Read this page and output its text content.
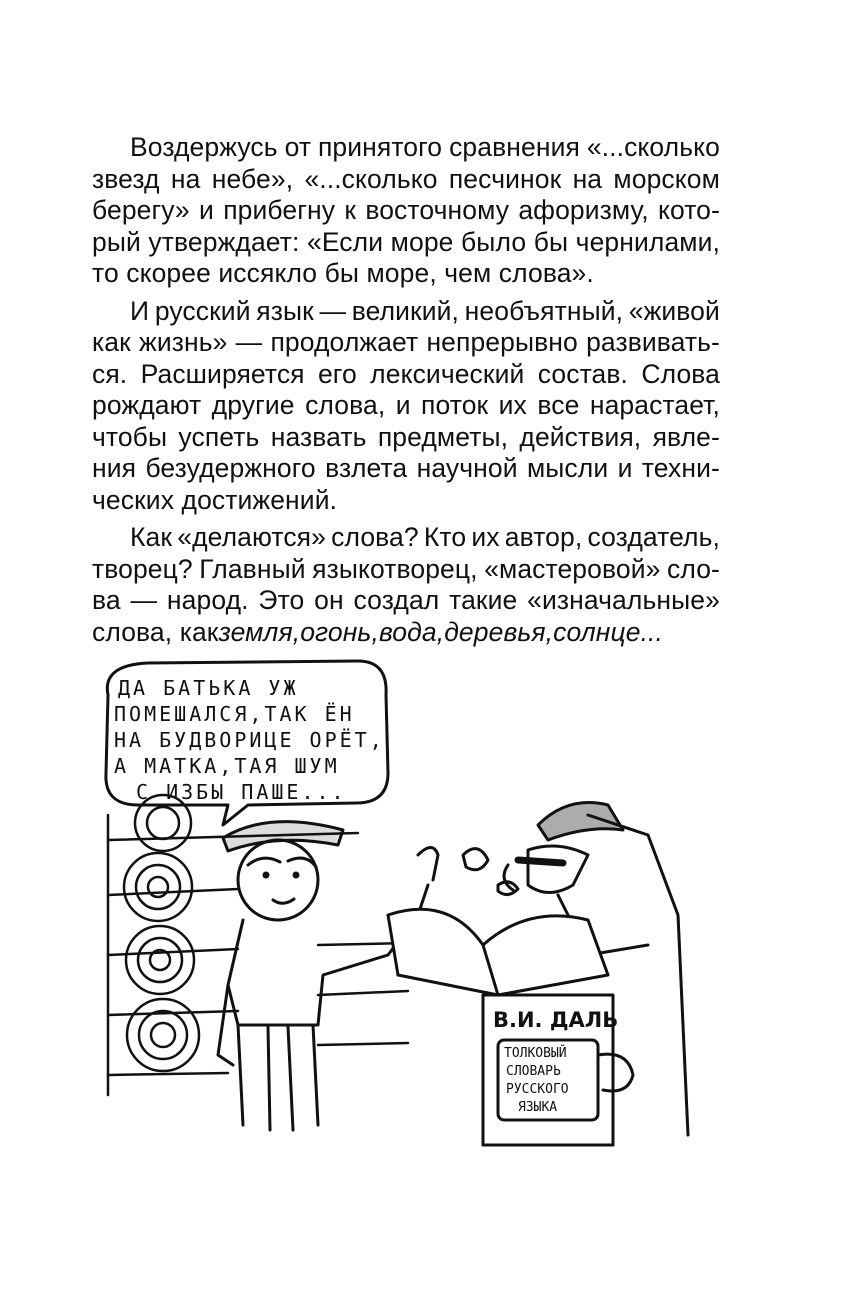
Воздержусь от принятого сравнения «...сколько
звезд на небе», «...сколько песчинок на морском
берегу» и прибегну к восточному афоризму, кото-
рый утверждает: «Если море было бы чернилами,
то скорее иссякло бы море, чем слова».
И русский язык — великий, необъятный, «живой
как жизнь» — продолжает непрерывно развивать-
ся. Расширяется его лексический состав. Слова
рождают другие слова, и поток их все нарастает,
чтобы успеть назвать предметы, действия, явле-
ния безудержного взлета научной мысли и техни-
ческих достижений.
Как «делаются» слова? Кто их автор, создатель,
творец? Главный языкотворец, «мастеровой» сло-
ва — народ. Это он создал такие «изначальные»
слова, как земля, огонь, вода, деревья, солнце...
ДА БАТЬКА УЖ
ПОМЕШАЛСЯ,ТАК ЁН
НА БУДВОРИЦЕ ОРЁТ,
А МАТКА,ТАЯ ШУМ
С ИЗБЫ ПАШЕ...
В.И. ДАЛЬ
ТОЛКОВЫЙ
СЛОВАРЬ
РУССКОГО
ЯЗЫКА
